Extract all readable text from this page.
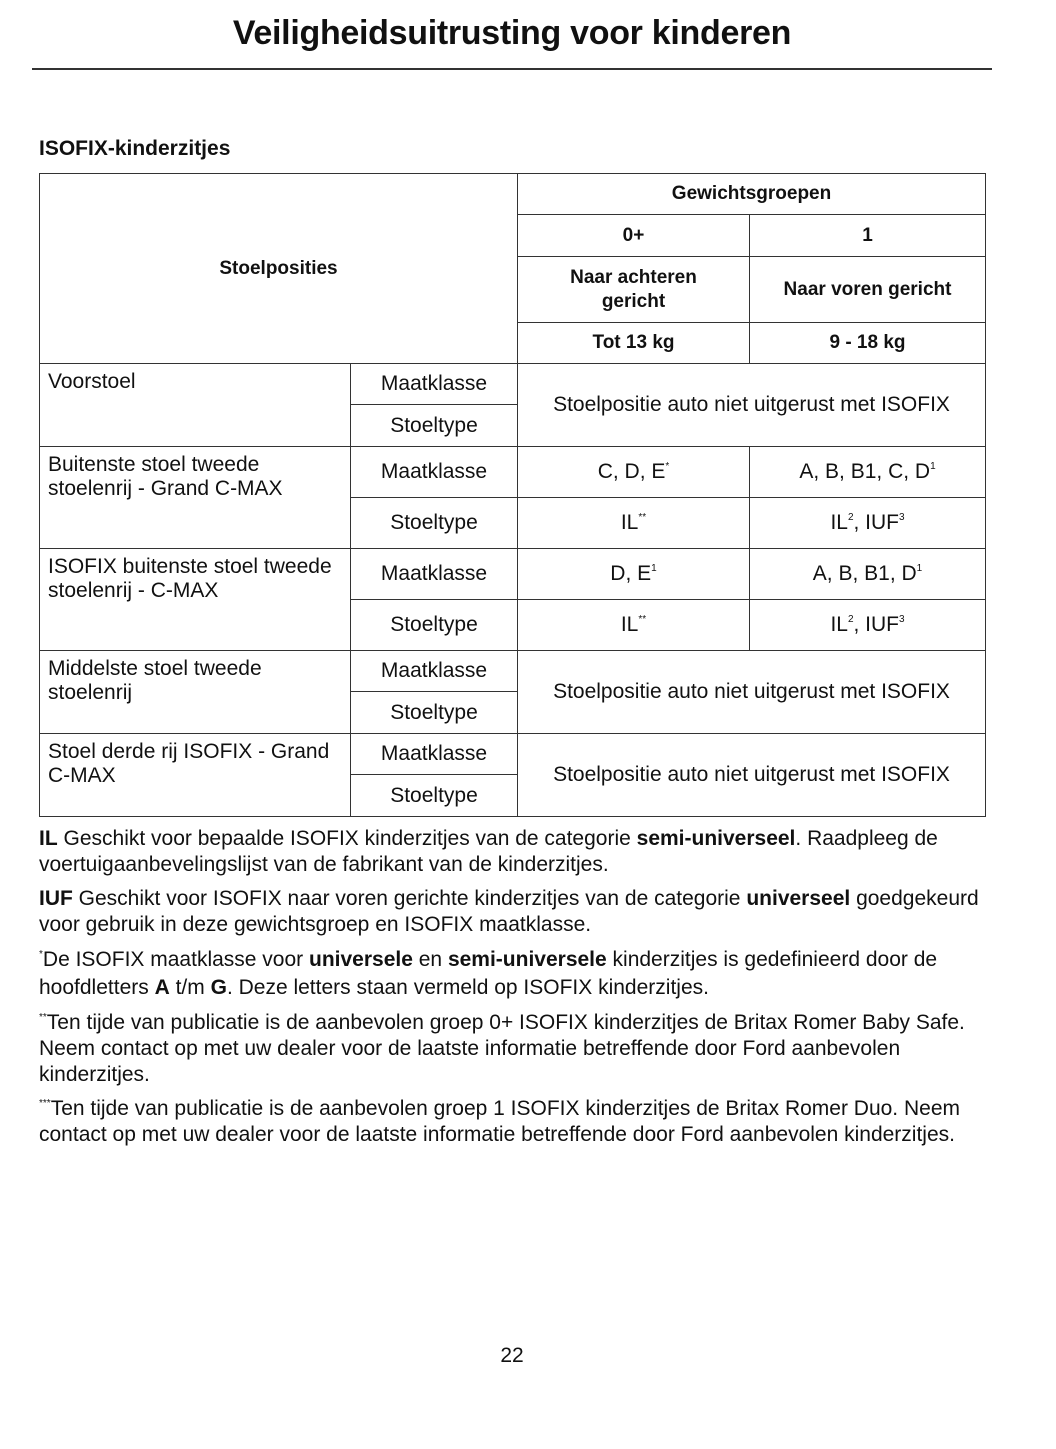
Veiligheidsuitrusting voor kinderen
ISOFIX-kinderzitjes
Stoelposities		Gewichtsgroepen	
		0+	1
		Naar achteren gericht	Naar voren gericht
		Tot 13 kg	9 - 18 kg
Voorstoel	Maatklasse	Stoelpositie auto niet uitgerust met ISOFIX	
	Stoeltype		
Buitenste stoel tweede stoelenrij - Grand C-MAX	Maatklasse	C, D, E*	A, B, B1, C, $D^1$
	Stoeltype	IL**	$IL^2$, IUF$^3$
ISOFIX buitenste stoel tweede stoelenrij - C-MAX	Maatklasse	D, $E^1$	A, B, B1, $D^1$
	Stoeltype	IL**	$IL^2$, IUF$^3$
Middelste stoel tweede stoelenrij	Maatklasse	Stoelpositie auto niet uitgerust met ISOFIX	
	Stoeltype		
Stoel derde rij ISOFIX - Grand C-MAX	Maatklasse	Stoelpositie auto niet uitgerust met ISOFIX	
	Stoeltype		

IL Geschikt voor bepaalde ISOFIX kinderzitjes van de categorie semi-universeel. Raadpleeg de voertuigaanbevelingslijst van de fabrikant van de kinderzitjes.

IUF Geschikt voor ISOFIX naar voren gerichte kinderzitjes van de categorie universeel goedgekeurd voor gebruik in deze gewichtsgroep en ISOFIX maatklasse.

*De ISOFIX maatklasse voor universele en semi-universele kinderzitjes is gedefinieerd door de hoofdletters A t/m G. Deze letters staan vermeld op ISOFIX kinderzitjes.

**Ten tijde van publicatie is de aanbevolen groep 0+ ISOFIX kinderzitjes de Britax Romer Baby Safe. Neem contact op met uw dealer voor de laatste informatie betreffende door Ford aanbevolen kinderzitjes.

***Ten tijde van publicatie is de aanbevolen groep 1 ISOFIX kinderzitjes de Britax Romer Duo. Neem contact op met uw dealer voor de laatste informatie betreffende door Ford aanbevolen kinderzitjes.

22
